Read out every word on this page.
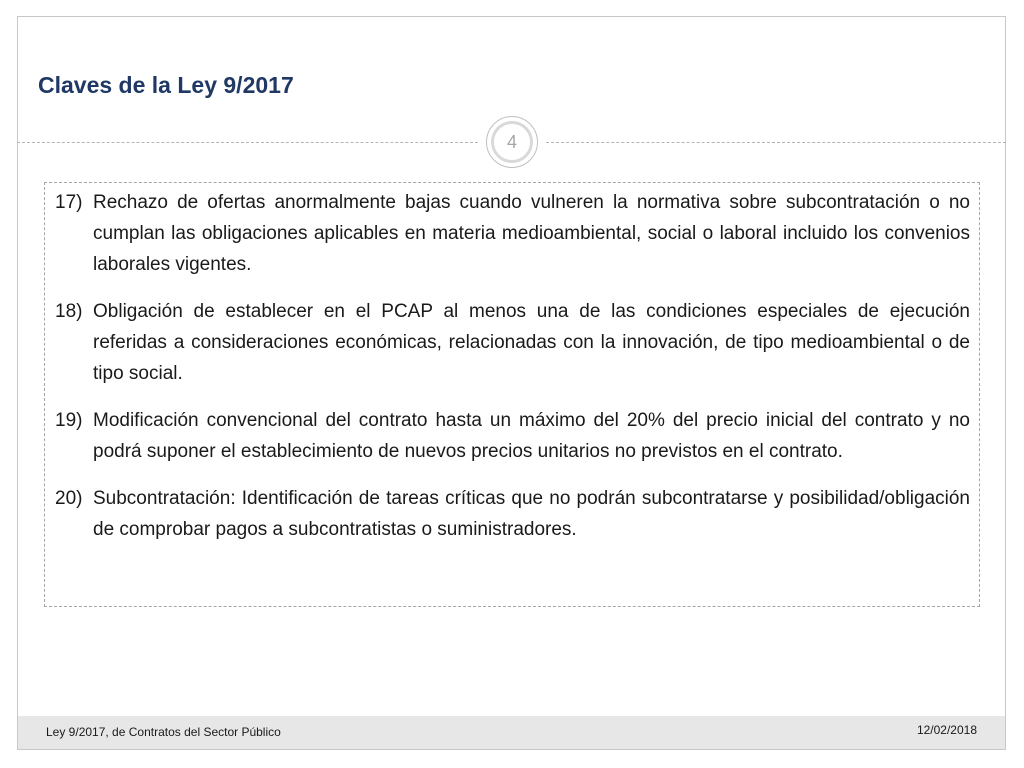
Claves de la Ley 9/2017
4
17) Rechazo de ofertas anormalmente bajas cuando vulneren la normativa sobre subcontratación o no cumplan las obligaciones aplicables en materia medioambiental, social o laboral incluido los convenios laborales vigentes.
18) Obligación de establecer en el PCAP al menos una de las condiciones especiales de ejecución referidas a consideraciones económicas, relacionadas con la innovación, de tipo medioambiental o de tipo social.
19) Modificación convencional del contrato hasta un máximo del 20% del precio inicial del contrato y no podrá suponer el establecimiento de nuevos precios unitarios no previstos en el contrato.
20) Subcontratación: Identificación de tareas críticas que no podrán subcontratarse y posibilidad/obligación de comprobar pagos a subcontratistas o suministradores.
Ley 9/2017, de Contratos del Sector Público	12/02/2018
